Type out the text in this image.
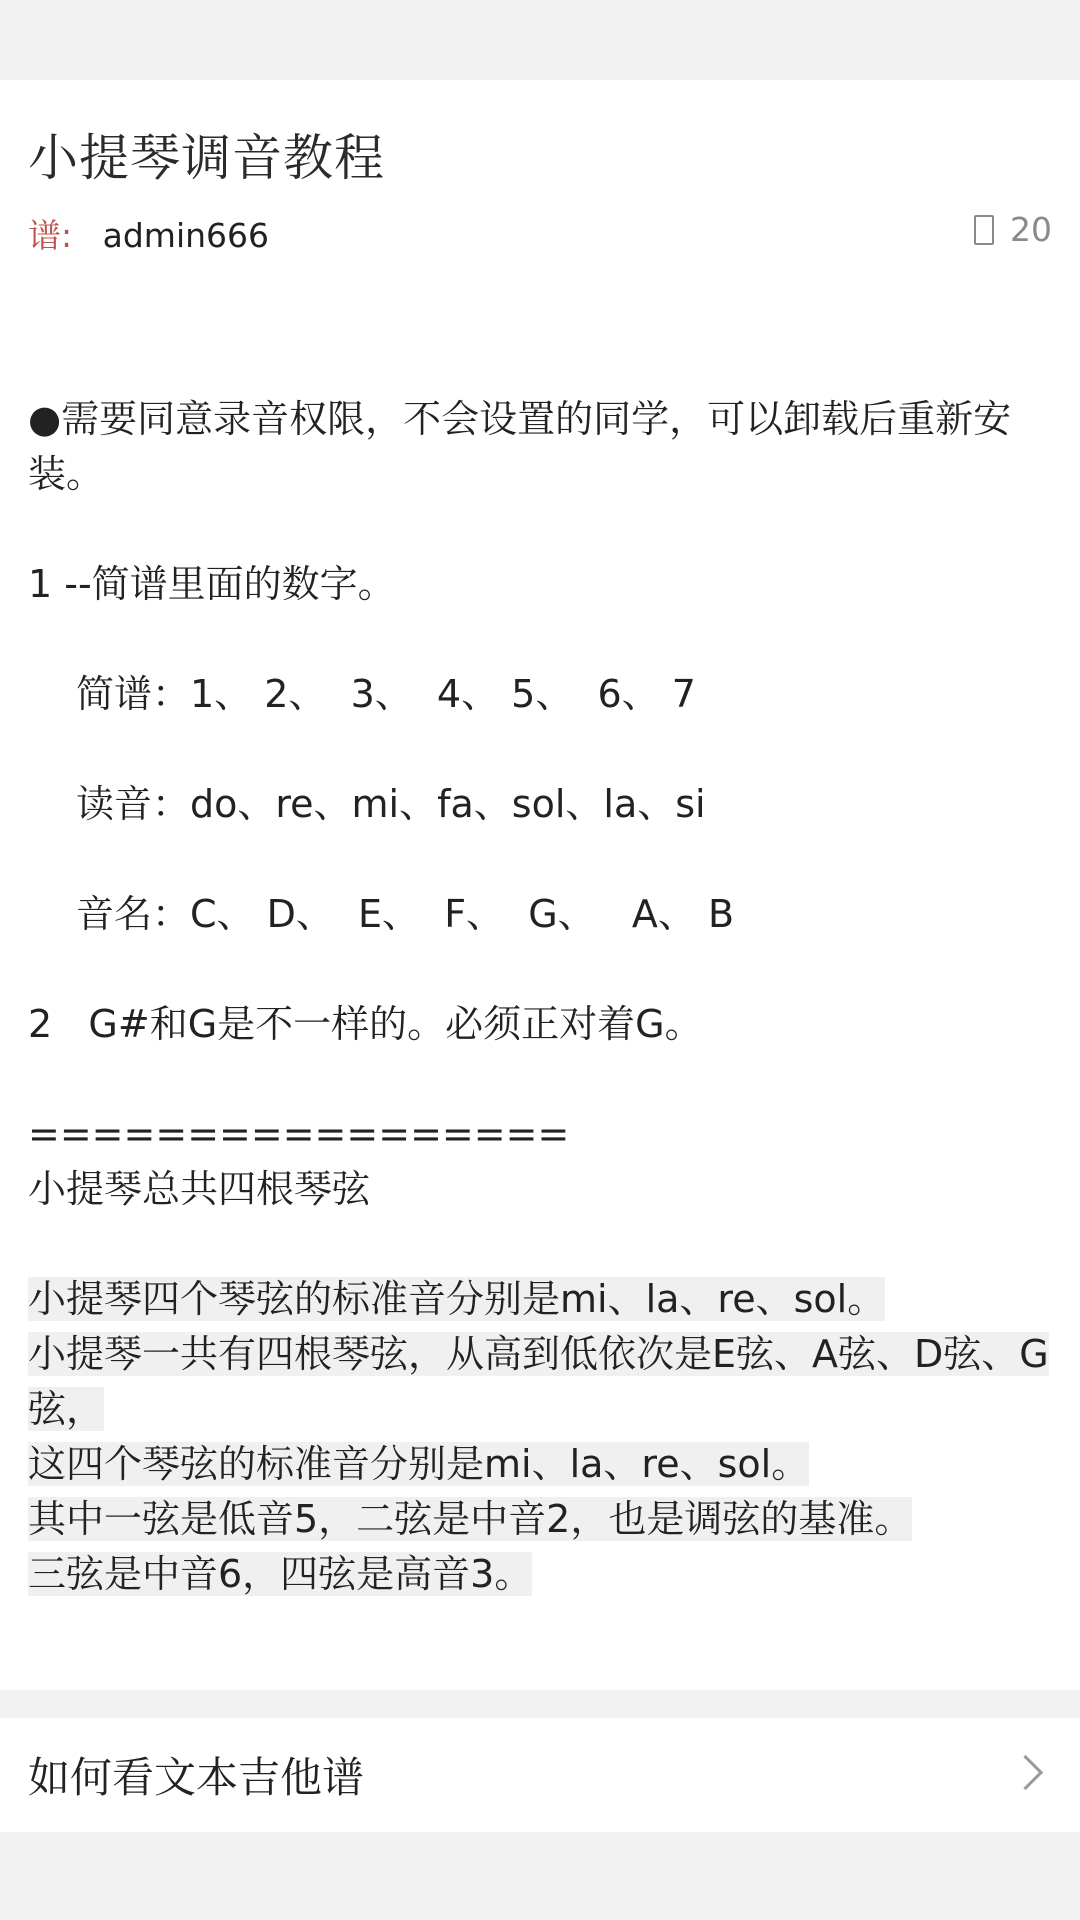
小提琴调音教程
谱: admin666	20

●需要同意录音权限，不会设置的同学，可以卸载后重新安装。

1 --简谱里面的数字。

简谱：1、 2、  3、  4、 5、  6、 7

读音：do、re、mi、fa、sol、la、si

音名：C、 D、  E、  F、  G、   A、 B

2   G#和G是不一样的。必须正对着G。

=================

小提琴总共四根琴弦

小提琴四个琴弦的标准音分别是mi、la、re、sol。

小提琴一共有四根琴弦，从高到低依次是E弦、A弦、D弦、G弦，

这四个琴弦的标准音分别是mi、la、re、sol。

其中一弦是低音5，二弦是中音2，也是调弦的基准。

三弦是中音6，四弦是高音3。

如何看文本吉他谱
